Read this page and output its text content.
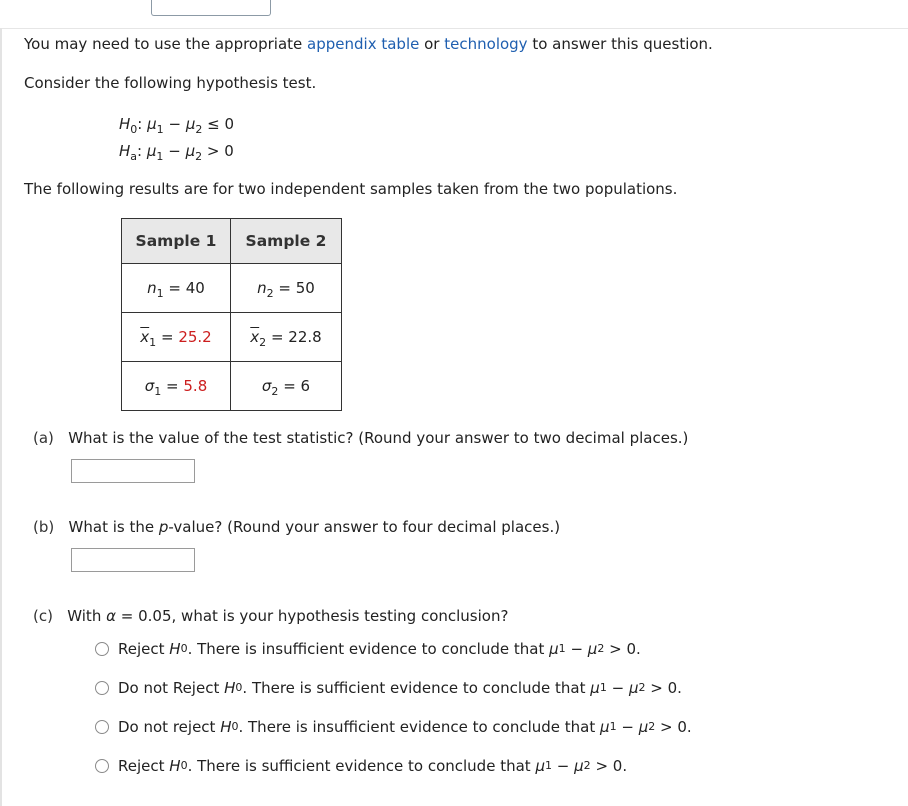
You may need to use the appropriate appendix table or technology to answer this question.
Consider the following hypothesis test.
$H_0$: $\mu_1 - \mu_2 \le 0$
$H_a$: $\mu_1 - \mu_2 > 0$
The following results are for two independent samples taken from the two populations.
Sample 1	Sample 2
$n_1 = 40$	$n_2 = 50$
$\overline{x}_1 = 25.2$	$\overline{x}_2 = 22.8$
$\sigma_1 = 5.8$	$\sigma_2 = 6$
(a) What is the value of the test statistic? (Round your answer to two decimal places.)
(b) What is the p-value? (Round your answer to four decimal places.)
(c) With α = 0.05, what is your hypothesis testing conclusion?
Reject
H 0 . There is insufficient evidence to conclude that
μ 1
−
μ 2
> 0.
Do not Reject
H 0 . There is sufficient evidence to conclude that
μ 1
−
μ 2
> 0.
Do not reject
H 0 . There is insufficient evidence to conclude that
μ 1
−
μ 2
> 0.
Reject
H 0 . There is sufficient evidence to conclude that
μ 1
−
μ 2
> 0.
